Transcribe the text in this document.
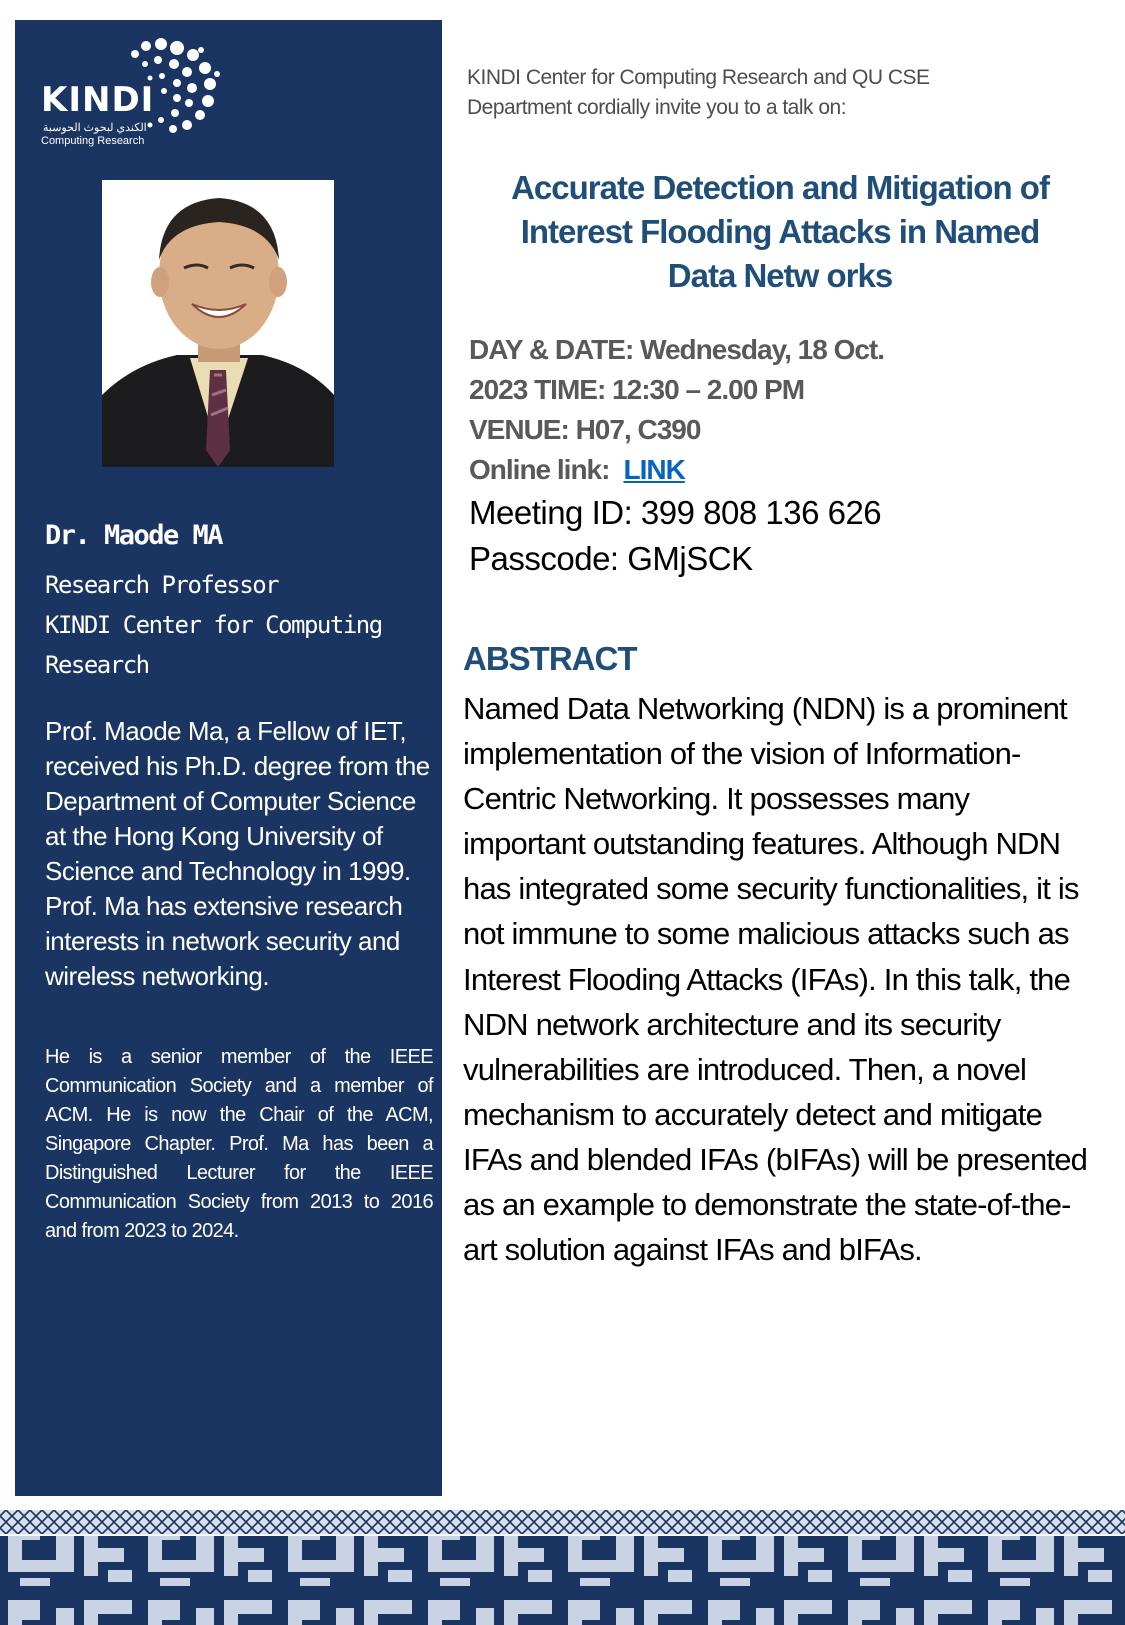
KINDI
الكندي لبحوث الحوسبة
Computing Research
Dr. Maode MA
Research Professor
KINDI Center for Computing
Research
Prof. Maode Ma, a Fellow of IET, received his Ph.D. degree from the Department of Computer Science at the Hong Kong University of Science and Technology in 1999. Prof. Ma has extensive research interests in network security and wireless networking.
He is a senior member of the IEEE Communication Society and a member of ACM. He is now the Chair of the ACM, Singapore Chapter. Prof. Ma has been a Distinguished Lecturer for the IEEE Communication Society from 2013 to 2016 and from 2023 to 2024.
KINDI Center for Computing Research and QU CSE Department cordially invite you to a talk on:
Accurate Detection and Mitigation of
Interest Flooding Attacks in Named
Data Netw orks
DAY & DATE: Wednesday, 18 Oct.
2023 TIME: 12:30 – 2.00 PM
VENUE: H07, C390
Online link: LINK
Meeting ID: 399 808 136 626
Passcode: GMjSCK
ABSTRACT
Named Data Networking (NDN) is a prominent implementation of the vision of Information-Centric Networking. It possesses many important outstanding features. Although NDN has integrated some security functionalities, it is not immune to some malicious attacks such as Interest Flooding Attacks (IFAs). In this talk, the NDN network architecture and its security vulnerabilities are introduced. Then, a novel mechanism to accurately detect and mitigate IFAs and blended IFAs (bIFAs) will be presented as an example to demonstrate the state-of-the-art solution against IFAs and bIFAs.
